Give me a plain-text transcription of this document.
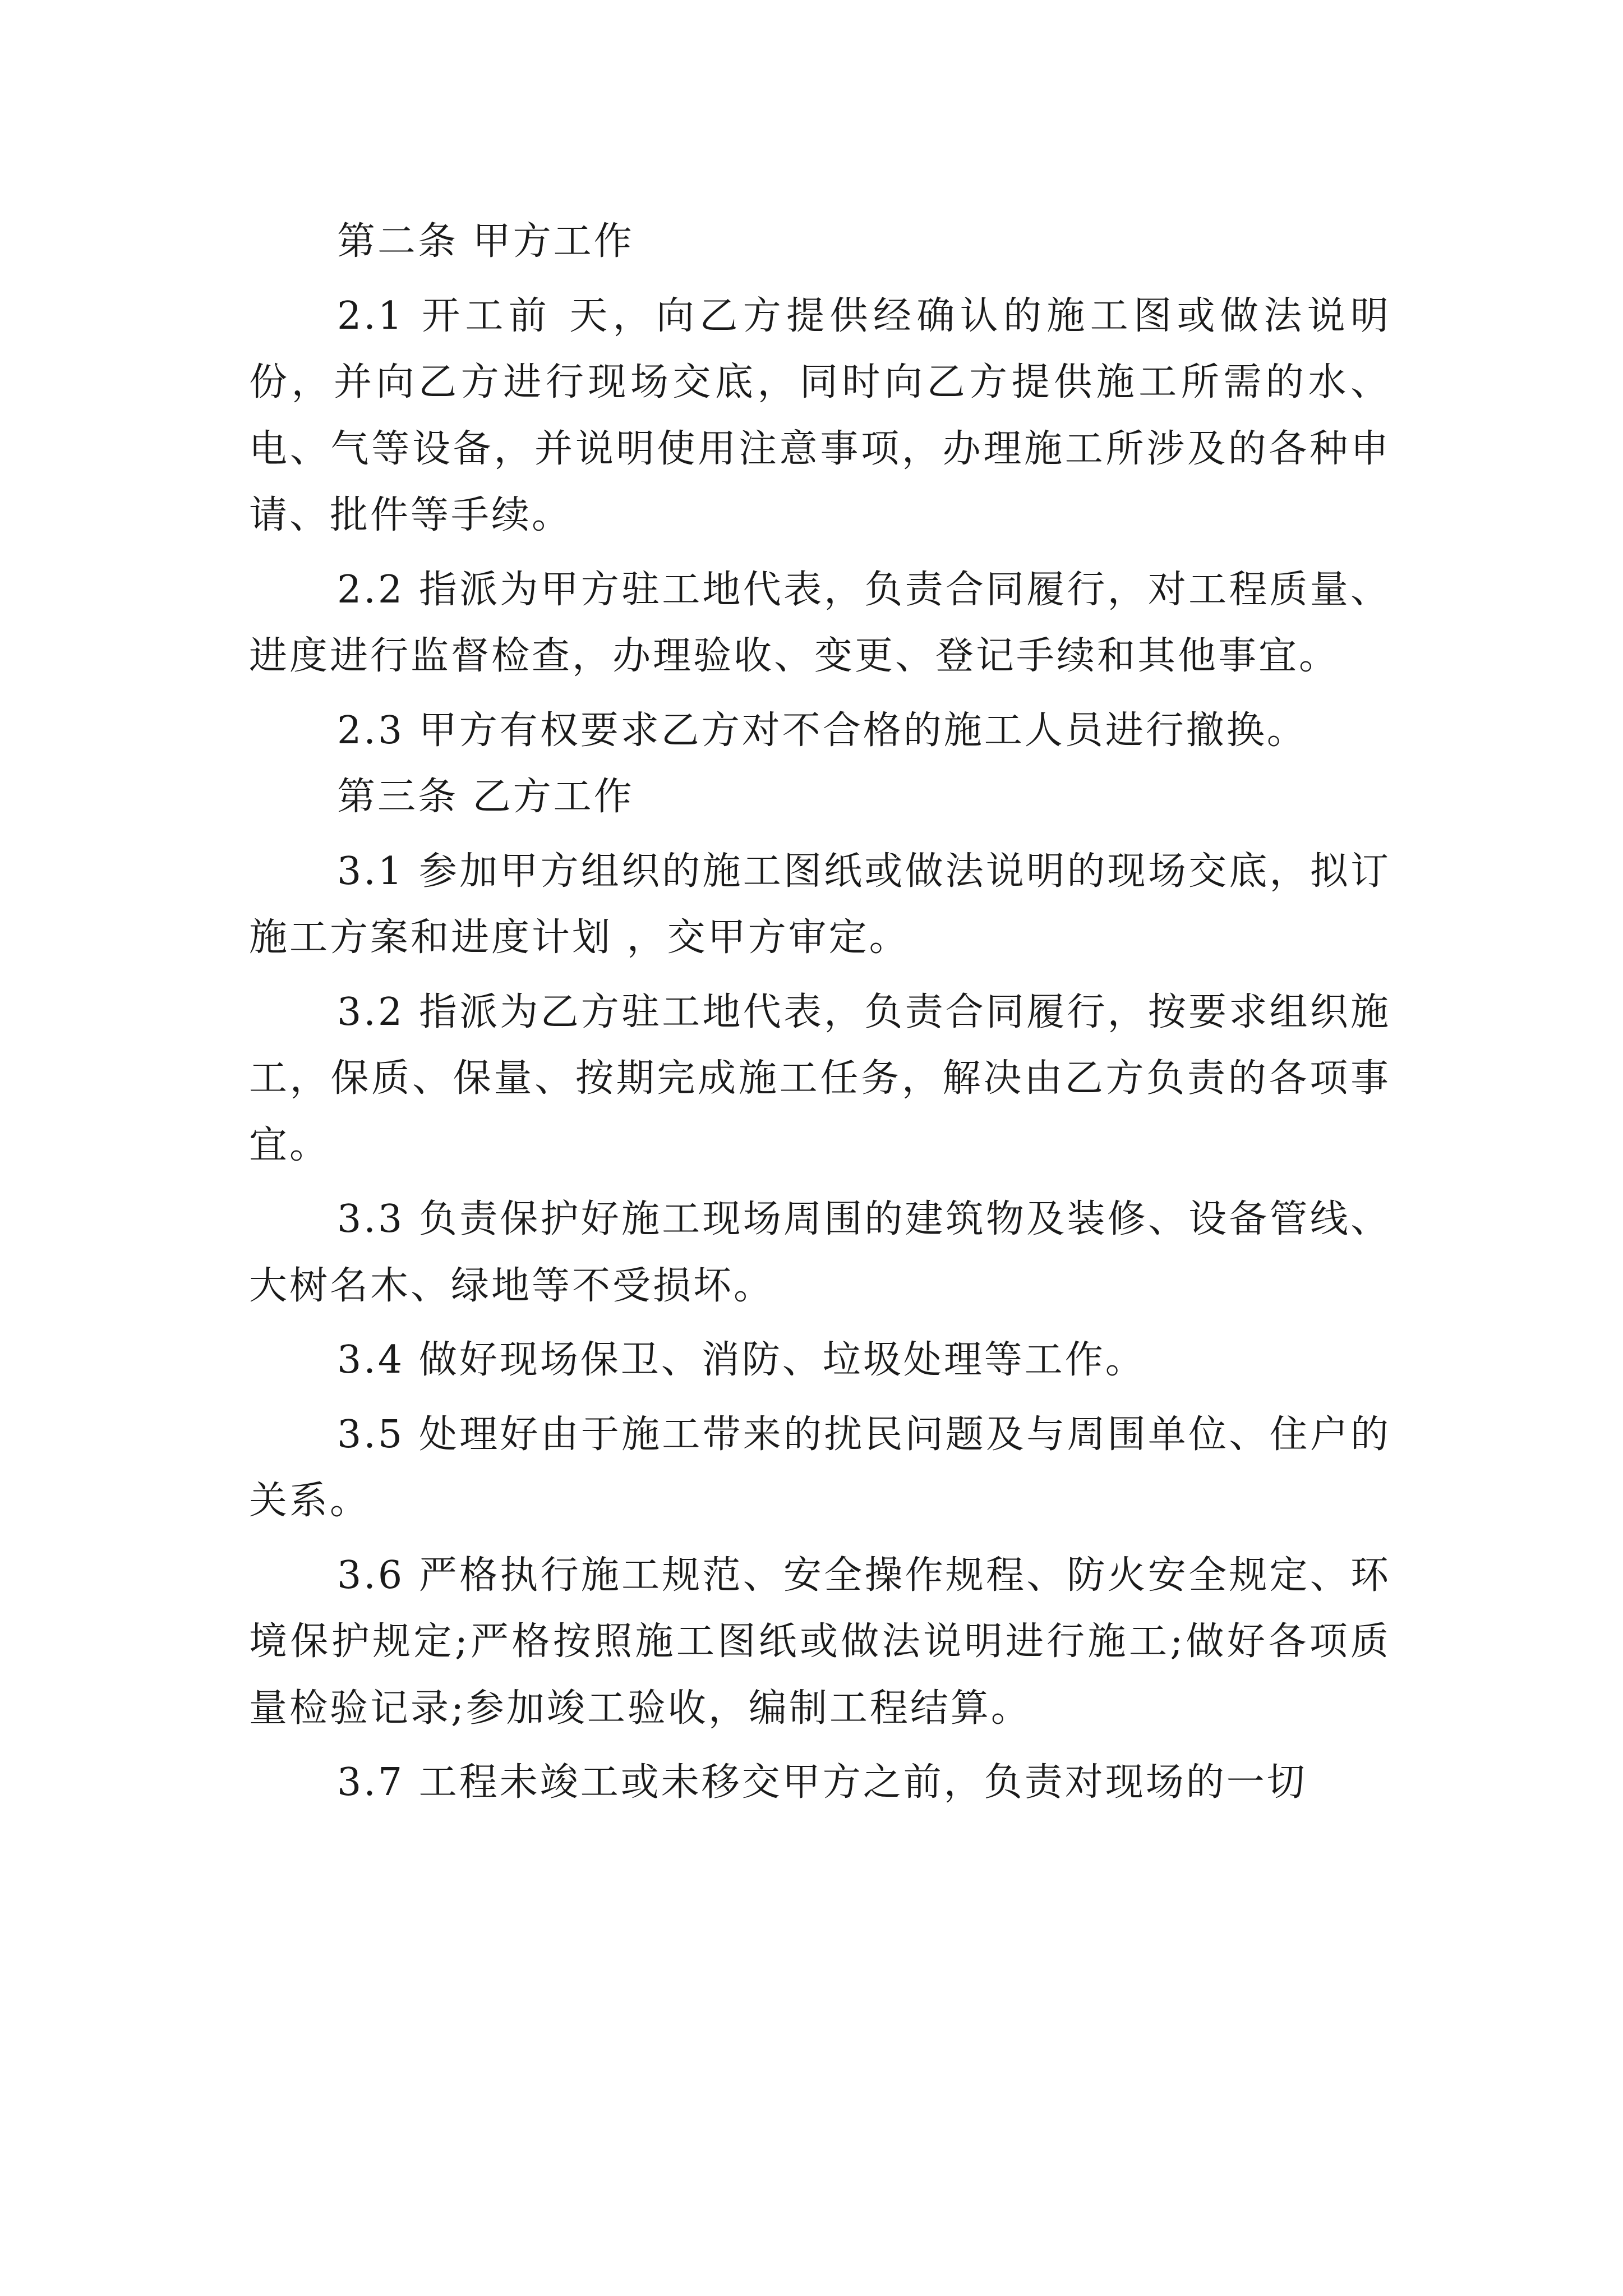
第二条 甲方工作

2.1 开工前 天，向乙方提供经确认的施工图或做法说明 份，并向乙方进行现场交底，同时向乙方提供施工所需的水、电、气等设备，并说明使用注意事项，办理施工所涉及的各种申请、批件等手续。

2.2 指派为甲方驻工地代表，负责合同履行，对工程质量、进度进行监督检查，办理验收、变更、登记手续和其他事宜。

2.3 甲方有权要求乙方对不合格的施工人员进行撤换。

第三条 乙方工作

3.1 参加甲方组织的施工图纸或做法说明的现场交底，拟订施工方案和进度计划 ，交甲方审定。

3.2 指派为乙方驻工地代表，负责合同履行，按要求组织施工，保质、保量、按期完成施工任务，解决由乙方负责的各项事宜。

3.3 负责保护好施工现场周围的建筑物及装修、设备管线、大树名木、绿地等不受损坏。

3.4 做好现场保卫、消防、垃圾处理等工作。

3.5 处理好由于施工带来的扰民问题及与周围单位、住户的关系。

3.6 严格执行施工规范、安全操作规程、防火安全规定、环境保护规定;严格按照施工图纸或做法说明进行施工;做好各项质量检验记录;参加竣工验收，编制工程结算。

3.7 工程未竣工或未移交甲方之前，负责对现场的一切
